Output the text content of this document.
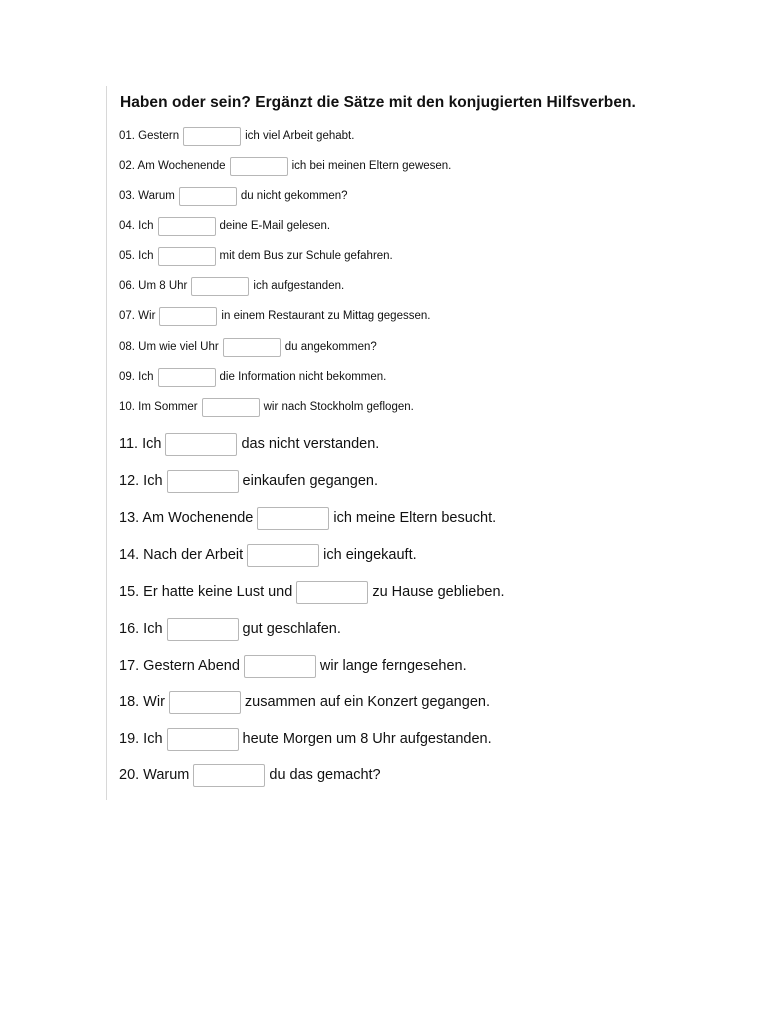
Haben oder sein? Ergänzt die Sätze mit den konjugierten Hilfsverben.
01. Gestern	ich viel Arbeit gehabt.
02. Am Wochenende	ich bei meinen Eltern gewesen.
03. Warum	du nicht gekommen?
04. Ich	deine E-Mail gelesen.
05. Ich	mit dem Bus zur Schule gefahren.
06. Um 8 Uhr	ich aufgestanden.
07. Wir	in einem Restaurant zu Mittag gegessen.
08. Um wie viel Uhr	du angekommen?
09. Ich	die Information nicht bekommen.
10. Im Sommer	wir nach Stockholm geflogen.
11. Ich	das nicht verstanden.
12. Ich	einkaufen gegangen.
13. Am Wochenende	ich meine Eltern besucht.
14. Nach der Arbeit	ich eingekauft.
15. Er hatte keine Lust und	zu Hause geblieben.
16. Ich	gut geschlafen.
17. Gestern Abend	wir lange ferngesehen.
18. Wir	zusammen auf ein Konzert gegangen.
19. Ich	heute Morgen um 8 Uhr aufgestanden.
20. Warum	du das gemacht?
